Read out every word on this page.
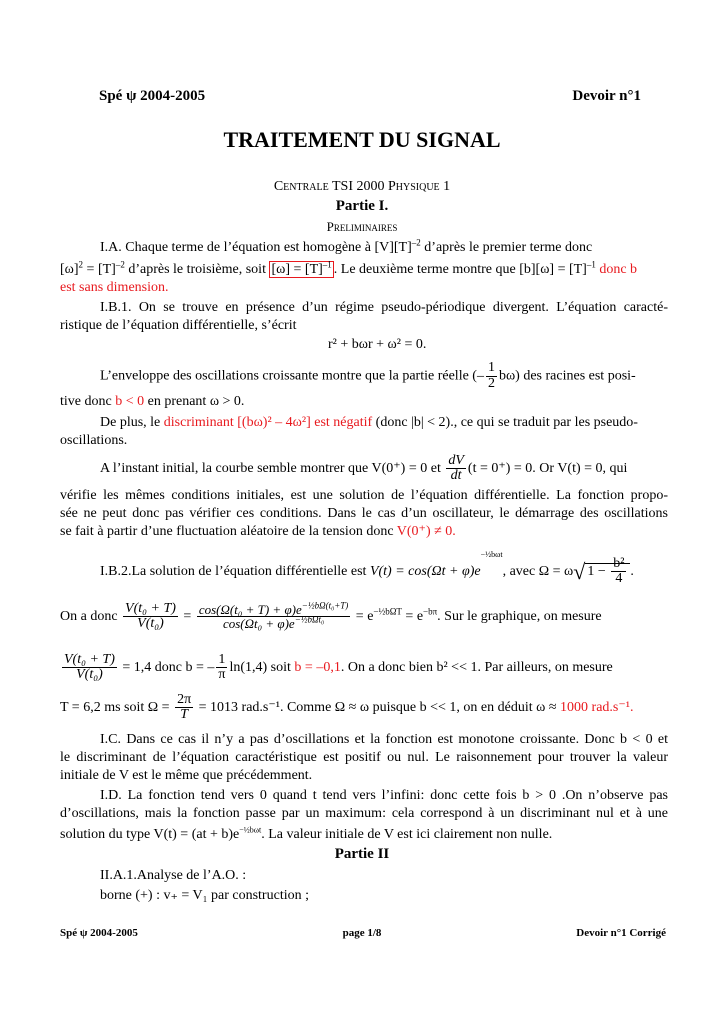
Spé ψ 2004-2005	Devoir n°1
TRAITEMENT DU SIGNAL
Centrale TSI 2000 Physique 1
Partie I.
Preliminaires
I.A. Chaque terme de l’équation est homogène à $[V][T]^{-2}$ d’après le premier terme donc
$[\omega]^2 = [T]^{-2}$ d’après le troisième, soit $[\omega] = [T]^{-1}$ . Le deuxième terme montre que $[b][\omega] = [T]^{-1}$ donc b
est sans dimension.
I.B.1. On se trouve en présence d’un régime pseudo-périodique divergent. L’équation caracté-
ristique de l’équation différentielle, s’écrit
r² + bωr + ω² = 0.
L’enveloppe des oscillations croissante montre que la partie réelle (– $\frac{1}{2} b\omega$) des racines est posi-
tive donc b < 0 en prenant ω > 0.
De plus, le discriminant [(bω)² – 4ω²] est négatif (donc |b| < 2)., ce qui se traduit par les pseudo-
oscillations.
A l’instant initial, la courbe semble montrer que V(0⁺) = 0 et $\frac{dV}{dt} (t = 0^+) = 0$. Or V(t) = 0, qui
vérifie les mêmes conditions initiales, est une solution de l’équation différentielle. La fonction propo-
sée ne peut donc pas vérifier ces conditions. Dans le cas d’un oscillateur, le démarrage des oscillations
se fait à partir d’une fluctuation aléatoire de la tension donc V(0⁺) ≠ 0.
I.B.2.La solution de l’équation différentielle est $V(t) = \cos(\Omega t + \varphi)e^{-\frac{1}{2}b\omega t}$, avec Ω = ω√ $1 - \frac{\text{b²}}{4}$ .
On a donc $\frac{\text{V(t₀ + T)}}{\text{V(t₀)}} = \frac{\cos(\Omega(t_0 + T) + \varphi)e^{-\frac{1}{2}b\Omega(t_0+T)}}{\cos(\Omega t_0 + \varphi)e^{-\frac{1}{2}b\Omega t_0}} = e^{-\frac{1}{2}b\Omega T} = e^{-b\pi}$. Sur le graphique, on mesure
$\frac{\text{V(t₀ + T)}}{\text{V(t₀)}} = 1,4$ donc b = – $\frac{1}{\pi} \ln(1,4)$ soit b = –0,1. On a donc bien b² << 1. Par ailleurs, on mesure
T = 6,2 ms soit $\Omega = \frac{2\pi}{T} = 1013$ rad.s⁻¹. Comme Ω ≈ ω puisque b << 1, on en déduit ω ≈ 1000 rad.s⁻¹.
I.C. Dans ce cas il n’y a pas d’oscillations et la fonction est monotone croissante. Donc b < 0 et
le discriminant de l’équation caractéristique est positif ou nul. Le raisonnement pour trouver la valeur
initiale de V est le même que précédemment.
I.D. La fonction tend vers 0 quand t tend vers l’infini: donc cette fois b > 0 .On n’observe pas
d’oscillations, mais la fonction passe par un maximum: cela correspond à un discriminant nul et à une
solution du type $V(t) = (at + b)e^{-\frac{1}{2}b\omega t}$. La valeur initiale de V est ici clairement non nulle.
Partie II
II.A.1.Analyse de l’A.O. :
borne (+) : v₊ = V₁ par construction ;
Spé ψ 2004-2005	page 1/8	Devoir n°1 Corrigé
